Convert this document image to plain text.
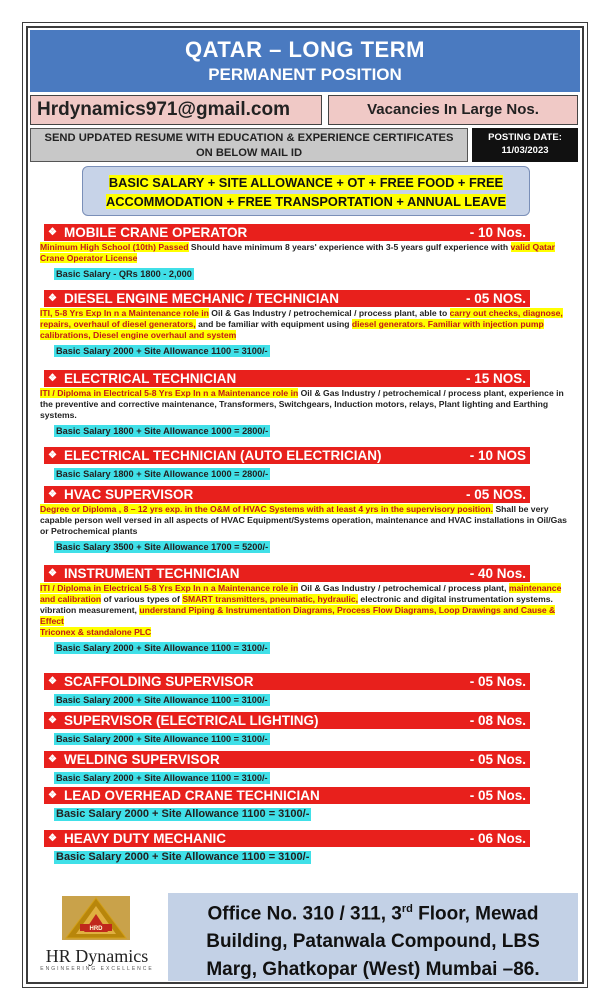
QATAR – LONG TERM
PERMANENT POSITION
Hrdynamics971@gmail.com	Vacancies In Large Nos.
SEND UPDATED RESUME WITH EDUCATION & EXPERIENCE CERTIFICATES
ON BELOW MAIL ID
POSTING DATE:
11/03/2023
BASIC SALARY + SITE ALLOWANCE + OT + FREE FOOD + FREE
ACCOMMODATION + FREE TRANSPORTATION + ANNUAL LEAVE
❖ MOBILE CRANE OPERATOR	- 10 Nos.
Minimum High School (10th) Passed Should have minimum 8 years' experience with 3-5 years gulf experience with valid Qatar Crane Operator License
Basic Salary - QRs 1800 - 2,000
❖ DIESEL ENGINE MECHANIC / TECHNICIAN	- 05 NOS.
ITI, 5-8 Yrs Exp In n a Maintenance role in Oil & Gas Industry / petrochemical / process plant, able to carry out checks, diagnose, repairs, overhaul of diesel generators, and be familiar with equipment using diesel generators. Familiar with injection pump calibrations, Diesel engine overhaul and system
Basic Salary 2000 + Site Allowance 1100 = 3100/-
❖ ELECTRICAL TECHNICIAN	- 15 NOS.
ITI / Diploma in Electrical 5-8 Yrs Exp In n a Maintenance role in Oil & Gas Industry / petrochemical / process plant, experience in the preventive and corrective maintenance, Transformers, Switchgears, Induction motors, relays, Plant lighting and Earthing systems.
Basic Salary 1800 + Site Allowance 1000 = 2800/-
❖ ELECTRICAL TECHNICIAN (AUTO ELECTRICIAN)	- 10 NOS
Basic Salary 1800 + Site Allowance 1000 = 2800/-
❖ HVAC SUPERVISOR	- 05 NOS.
Degree or Diploma , 8 – 12 yrs exp. in the O&M of HVAC Systems with at least 4 yrs in the supervisory position. Shall be very capable person well versed in all aspects of HVAC Equipment/Systems operation, maintenance and HVAC installations in Oil/Gas or Petrochemical plants
Basic Salary 3500 + Site Allowance 1700 = 5200/-
❖ INSTRUMENT TECHNICIAN	- 40 Nos.
ITI / Diploma in Electrical 5-8 Yrs Exp In n a Maintenance role in Oil & Gas Industry / petrochemical / process plant, maintenance and calibration of various types of SMART transmitters, pneumatic, hydraulic, electronic and digital instrumentation systems. vibration measurement, understand Piping & Instrumentation Diagrams, Process Flow Diagrams, Loop Drawings and Cause & Effect
Triconex & standalone PLC
Basic Salary 2000 + Site Allowance 1100 = 3100/-
❖ SCAFFOLDING SUPERVISOR	- 05 Nos.
Basic Salary 2000 + Site Allowance 1100 = 3100/-
❖ SUPERVISOR (ELECTRICAL LIGHTING)	- 08 Nos.
Basic Salary 2000 + Site Allowance 1100 = 3100/-
❖ WELDING SUPERVISOR	- 05 Nos.
Basic Salary 2000 + Site Allowance 1100 = 3100/-
❖ LEAD OVERHEAD CRANE TECHNICIAN	- 05 Nos.
Basic Salary 2000 + Site Allowance 1100 = 3100/-
❖ HEAVY DUTY MECHANIC	- 06 Nos.
Basic Salary 2000 + Site Allowance 1100 = 3100/-
HRD
HR Dynamics
ENGINEERING EXCELLENCE
Office No. 310 / 311, 3rd Floor, Mewad
Building, Patanwala Compound, LBS
Marg, Ghatkopar (West) Mumbai –86.
